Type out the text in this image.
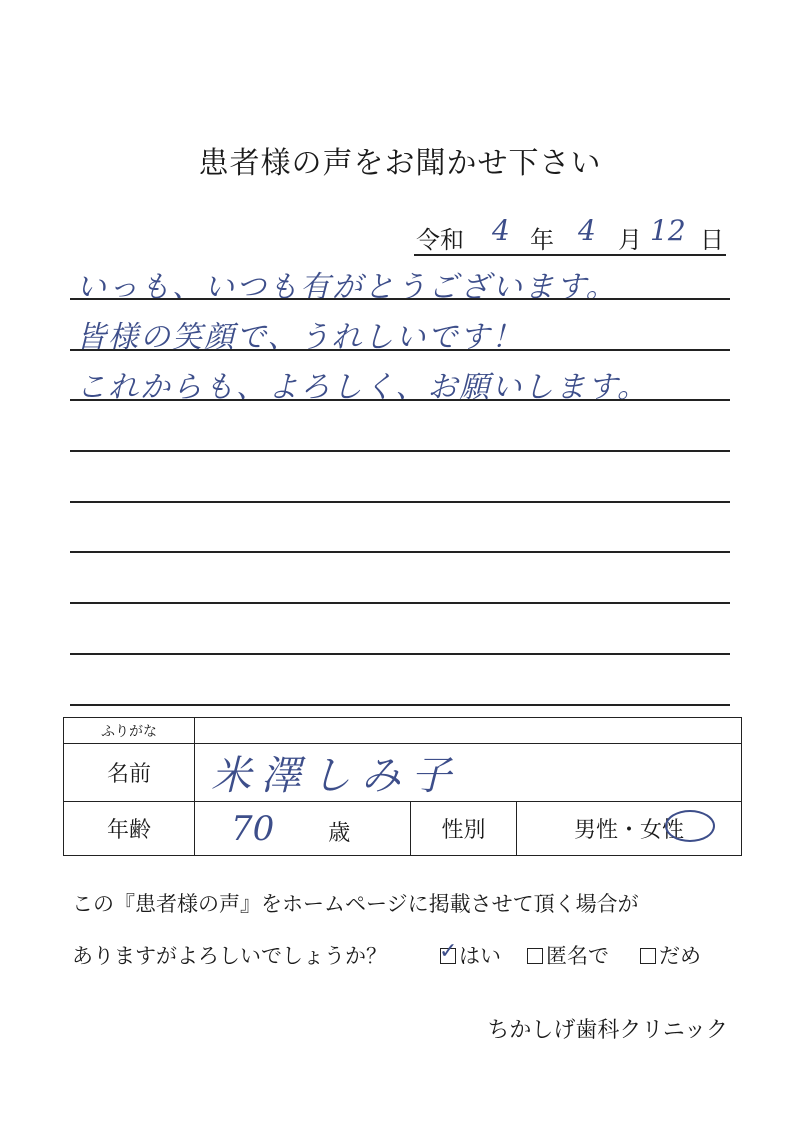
患者様の声をお聞かせ下さい
令和 4 年 4 月 12 日
いっも、いつも有がとうございます。
皆様の笑顔で、うれしいです！
これからも、よろしく、お願いします。
ふりがな			
名前	米澤しみ子		
年齢	70 歳	性別	男性・女性
この『患者様の声』をホームページに掲載させて頂く場合が
ありますがよろしいでしょうか？ ✓ はい	匿名で	だめ
ちかしげ歯科クリニック
